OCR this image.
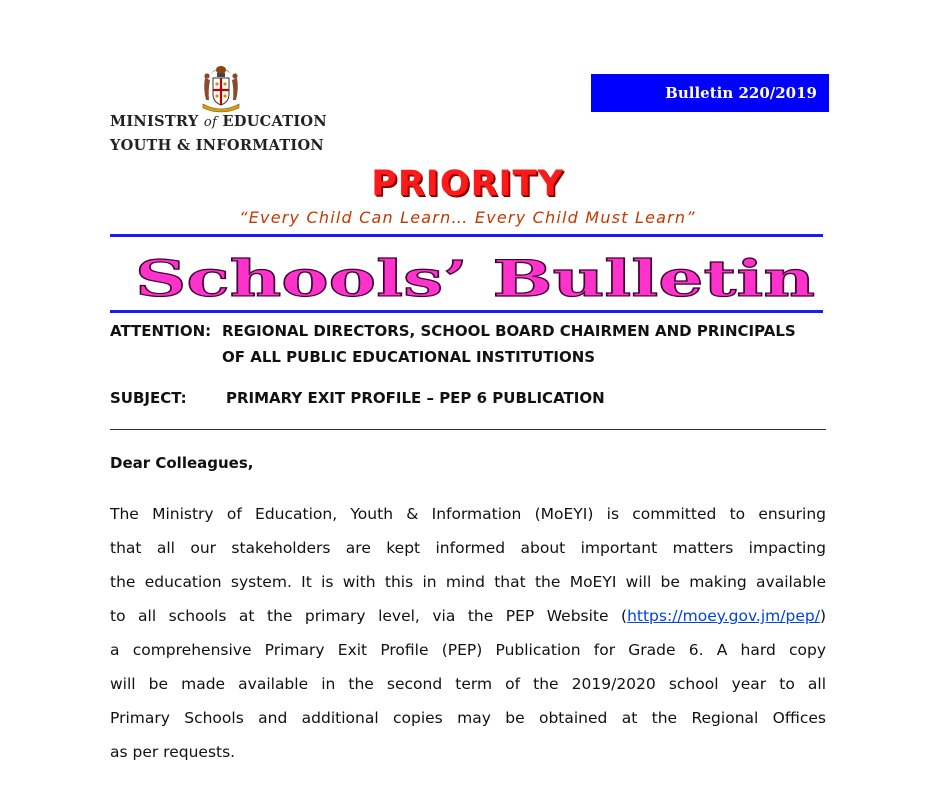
MINISTRY of EDUCATION
YOUTH & INFORMATION
Bulletin 220/2019
PRIORITY
“Every Child Can Learn… Every Child Must Learn”
Schools’ Bulletin
ATTENTION: REGIONAL DIRECTORS, SCHOOL BOARD CHAIRMEN AND PRINCIPALS
OF ALL PUBLIC EDUCATIONAL INSTITUTIONS
SUBJECT:	PRIMARY EXIT PROFILE – PEP 6 PUBLICATION
Dear Colleagues,
The Ministry of Education, Youth & Information (MoEYI) is committed to ensuring
that all our stakeholders are kept informed about important matters impacting
the education system. It is with this in mind that the MoEYI will be making available
to all schools at the primary level, via the PEP Website (https://moey.gov.jm/pep/)
a comprehensive Primary Exit Profile (PEP) Publication for Grade 6. A hard copy
will be made available in the second term of the 2019/2020 school year to all
Primary Schools and additional copies may be obtained at the Regional Offices
as per requests.
